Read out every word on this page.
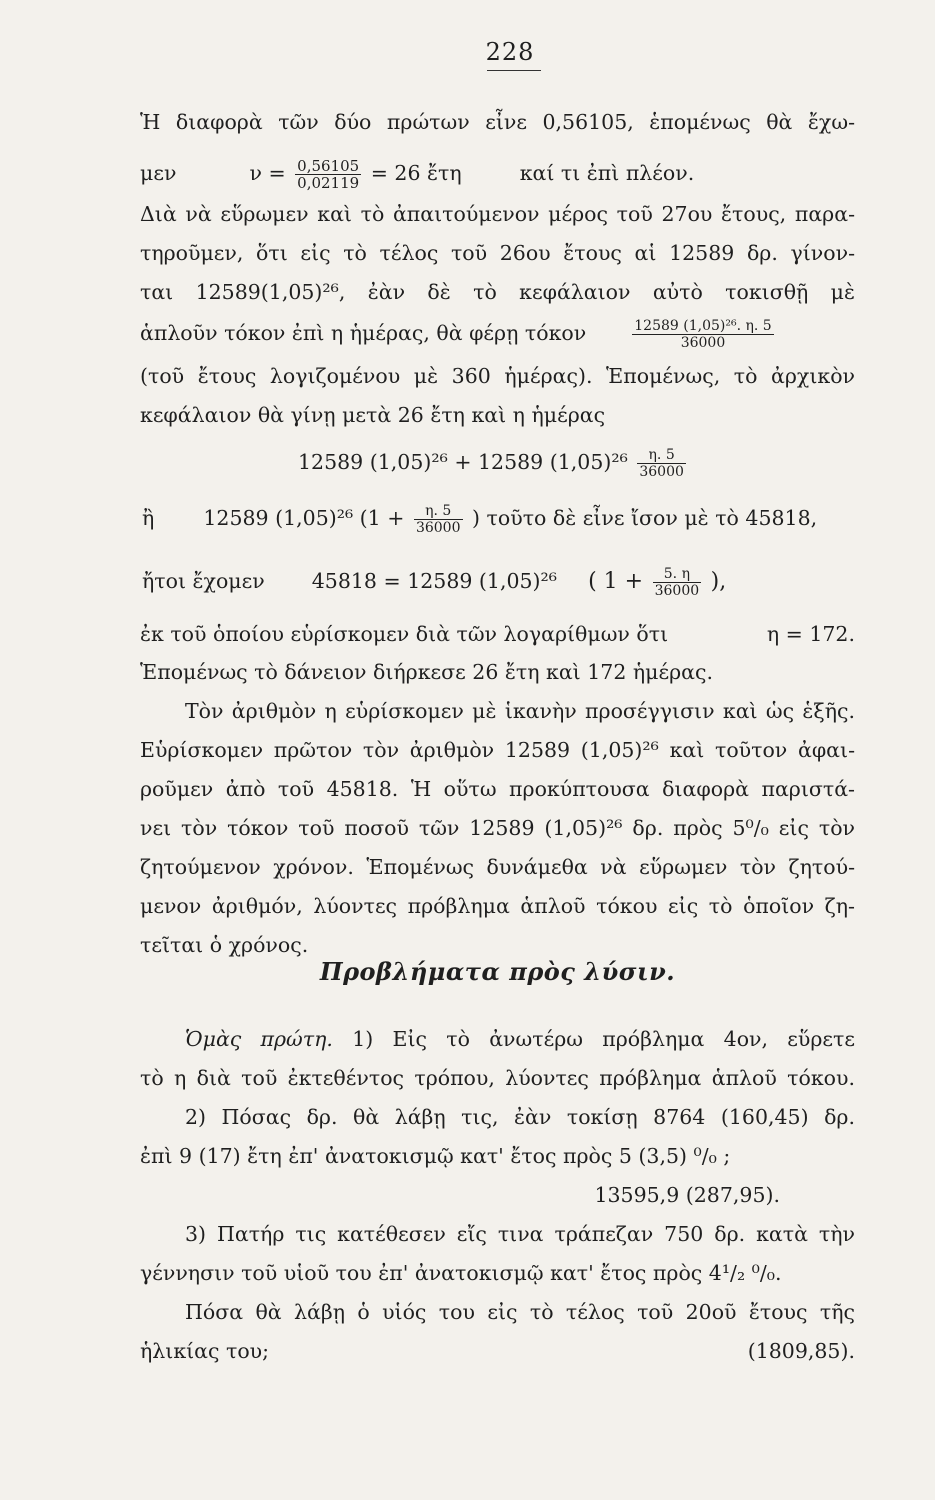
228
Ἡ διαφορὰ τῶν δύο πρώτων εἶνε 0,56105, ἑπομένως θὰ ἔχω-
μεν	$\nu = \frac{0,56105}{0,02119} = 26$ ἔτη	καί τι ἐπὶ πλέον.
Διὰ νὰ εὕρωμεν καὶ τὸ ἀπαιτούμενον μέρος τοῦ 27ου ἔτους, παρα-
τηροῦμεν, ὅτι εἰς τὸ τέλος τοῦ 26ου ἔτους αἱ 12589 δρ. γίνον-
ται 12589(1,05)²⁶, ἐὰν δὲ τὸ κεφάλαιον αὐτὸ τοκισθῇ μὲ
ἁπλοῦν τόκον ἐπὶ η ἡμέρας, θὰ φέρῃ τόκον	$\frac{\text{12589 (1,05)²⁶. η. 5}}{36000}$
(τοῦ ἔτους λογιζομένου μὲ 360 ἡμέρας). Ἑπομένως, τὸ ἀρχικὸν
κεφάλαιον θὰ γίνῃ μετὰ 26 ἔτη καὶ η ἡμέρας
12589 (1,05)²⁶ + 12589 $(1,05)^{26} \frac{\eta. 5}{36000}$
ἢ 12589 (1,05)²⁶ ($1 + \frac{\eta. 5}{36000}$ ) τοῦτο δὲ εἶνε ἴσον μὲ τὸ 45818,
ἤτοι ἔχομεν 45818 = 12589 (1,05)²⁶ ( $1 + \frac{5. \eta}{36000}$ ),
ἐκ τοῦ ὁποίου εὑρίσκομεν διὰ τῶν λογαρίθμων ὅτι	η = 172.
Ἑπομένως τὸ δάνειον διήρκεσε 26 ἔτη καὶ 172 ἡμέρας.
Τὸν ἀριθμὸν η εὑρίσκομεν μὲ ἱκανὴν προσέγγισιν καὶ ὡς ἑξῆς.
Εὑρίσκομεν πρῶτον τὸν ἀριθμὸν 12589 (1,05)²⁶ καὶ τοῦτον ἀφαι-
ροῦμεν ἀπὸ τοῦ 45818. Ἡ οὕτω προκύπτουσα διαφορὰ παριστά-
νει τὸν τόκον τοῦ ποσοῦ τῶν 12589 (1,05)²⁶ δρ. πρὸς 5⁰/₀ εἰς τὸν
ζητούμενον χρόνον. Ἑπομένως δυνάμεθα νὰ εὕρωμεν τὸν ζητού-
μενον ἀριθμόν, λύοντες πρόβλημα ἁπλοῦ τόκου εἰς τὸ ὁποῖον ζη-
τεῖται ὁ χρόνος.
Προβλήματα πρὸς λύσιν.
Ὁμὰς πρώτη. 1) Εἰς τὸ ἀνωτέρω πρόβλημα 4ον, εὕρετε
τὸ η διὰ τοῦ ἐκτεθέντος τρόπου, λύοντες πρόβλημα ἁπλοῦ τόκου.
2) Πόσας δρ. θὰ λάβῃ τις, ἐὰν τοκίσῃ 8764 (160,45) δρ.
ἐπὶ 9 (17) ἔτη ἐπ' ἀνατοκισμῷ κατ' ἔτος πρὸς 5 (3,5) ⁰/₀ ;
13595,9 (287,95).
3) Πατήρ τις κατέθεσεν εἴς τινα τράπεζαν 750 δρ. κατὰ τὴν
γέννησιν τοῦ υἱοῦ του ἐπ' ἀνατοκισμῷ κατ' ἔτος πρὸς 4¹/₂ ⁰/₀.
Πόσα θὰ λάβῃ ὁ υἱός του εἰς τὸ τέλος τοῦ 20οῦ ἔτους τῆς
ἡλικίας του;	(1809,85).
